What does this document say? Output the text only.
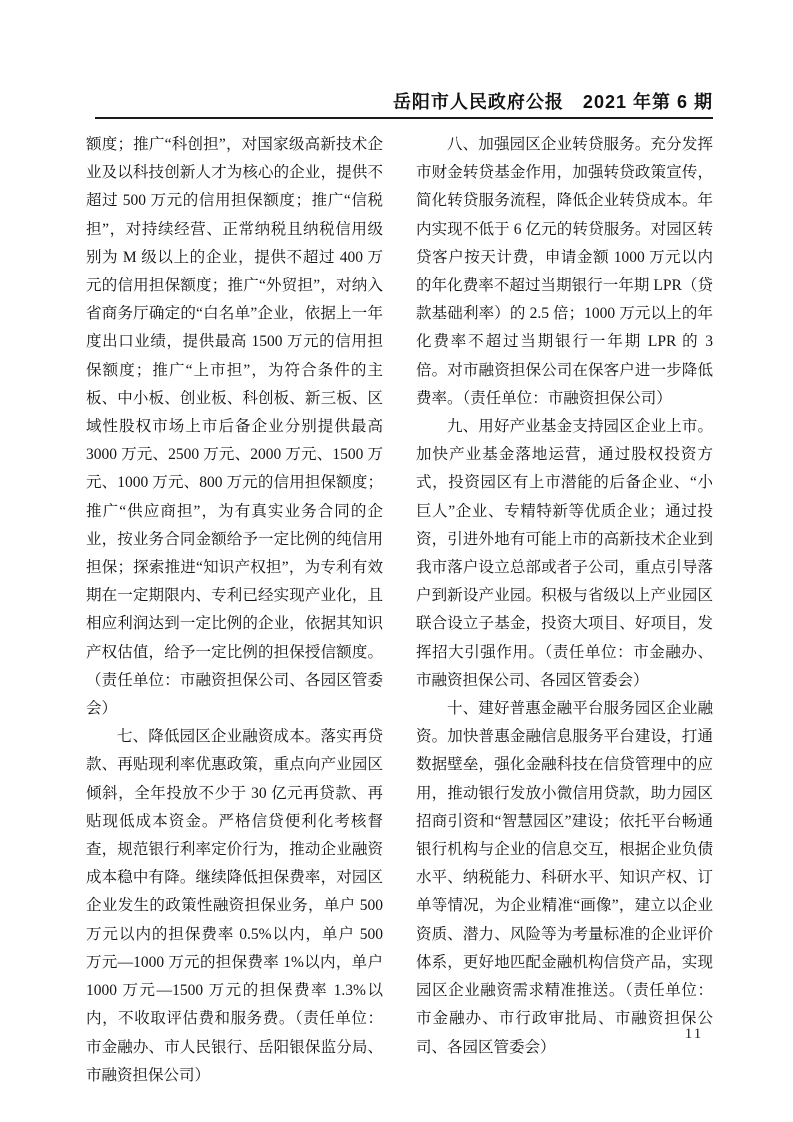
岳阳市人民政府公报　2021 年第 6 期

额度；推广“科创担”，对国家级高新技术企业及以科技创新人才为核心的企业，提供不超过 500 万元的信用担保额度；推广“信税担”，对持续经营、正常纳税且纳税信用级别为 M 级以上的企业，提供不超过 400 万元的信用担保额度；推广“外贸担”，对纳入省商务厅确定的“白名单”企业，依据上一年度出口业绩，提供最高 1500 万元的信用担保额度；推广“上市担”，为符合条件的主板、中小板、创业板、科创板、新三板、区域性股权市场上市后备企业分别提供最高 3000 万元、2500 万元、2000 万元、1500 万元、1000 万元、800 万元的信用担保额度；推广“供应商担”，为有真实业务合同的企业，按业务合同金额给予一定比例的纯信用担保；探索推进“知识产权担”，为专利有效期在一定期限内、专利已经实现产业化，且相应利润达到一定比例的企业，依据其知识产权估值，给予一定比例的担保授信额度。（责任单位：市融资担保公司、各园区管委会）

七、降低园区企业融资成本。落实再贷款、再贴现利率优惠政策，重点向产业园区倾斜，全年投放不少于 30 亿元再贷款、再贴现低成本资金。严格信贷便利化考核督查，规范银行利率定价行为，推动企业融资成本稳中有降。继续降低担保费率，对园区企业发生的政策性融资担保业务，单户 500 万元以内的担保费率 0.5%以内，单户 500 万元—1000 万元的担保费率 1%以内，单户 1000 万元—1500 万元的担保费率 1.3%以内，不收取评估费和服务费。（责任单位：市金融办、市人民银行、岳阳银保监分局、市融资担保公司）

八、加强园区企业转贷服务。充分发挥市财金转贷基金作用，加强转贷政策宣传，简化转贷服务流程，降低企业转贷成本。年内实现不低于 6 亿元的转贷服务。对园区转贷客户按天计费，申请金额 1000 万元以内的年化费率不超过当期银行一年期 LPR（贷款基础利率）的 2.5 倍；1000 万元以上的年化费率不超过当期银行一年期 LPR 的 3 倍。对市融资担保公司在保客户进一步降低费率。（责任单位：市融资担保公司）

九、用好产业基金支持园区企业上市。加快产业基金落地运营，通过股权投资方式，投资园区有上市潜能的后备企业、“小巨人”企业、专精特新等优质企业；通过投资，引进外地有可能上市的高新技术企业到我市落户设立总部或者子公司，重点引导落户到新设产业园。积极与省级以上产业园区联合设立子基金，投资大项目、好项目，发挥招大引强作用。（责任单位：市金融办、市融资担保公司、各园区管委会）

十、建好普惠金融平台服务园区企业融资。加快普惠金融信息服务平台建设，打通数据壁垒，强化金融科技在信贷管理中的应用，推动银行发放小微信用贷款，助力园区招商引资和“智慧园区”建设；依托平台畅通银行机构与企业的信息交互，根据企业负债水平、纳税能力、科研水平、知识产权、订单等情况，为企业精准“画像”，建立以企业资质、潜力、风险等为考量标准的企业评价体系，更好地匹配金融机构信贷产品，实现园区企业融资需求精准推送。（责任单位：市金融办、市行政审批局、市融资担保公司、各园区管委会）

11
